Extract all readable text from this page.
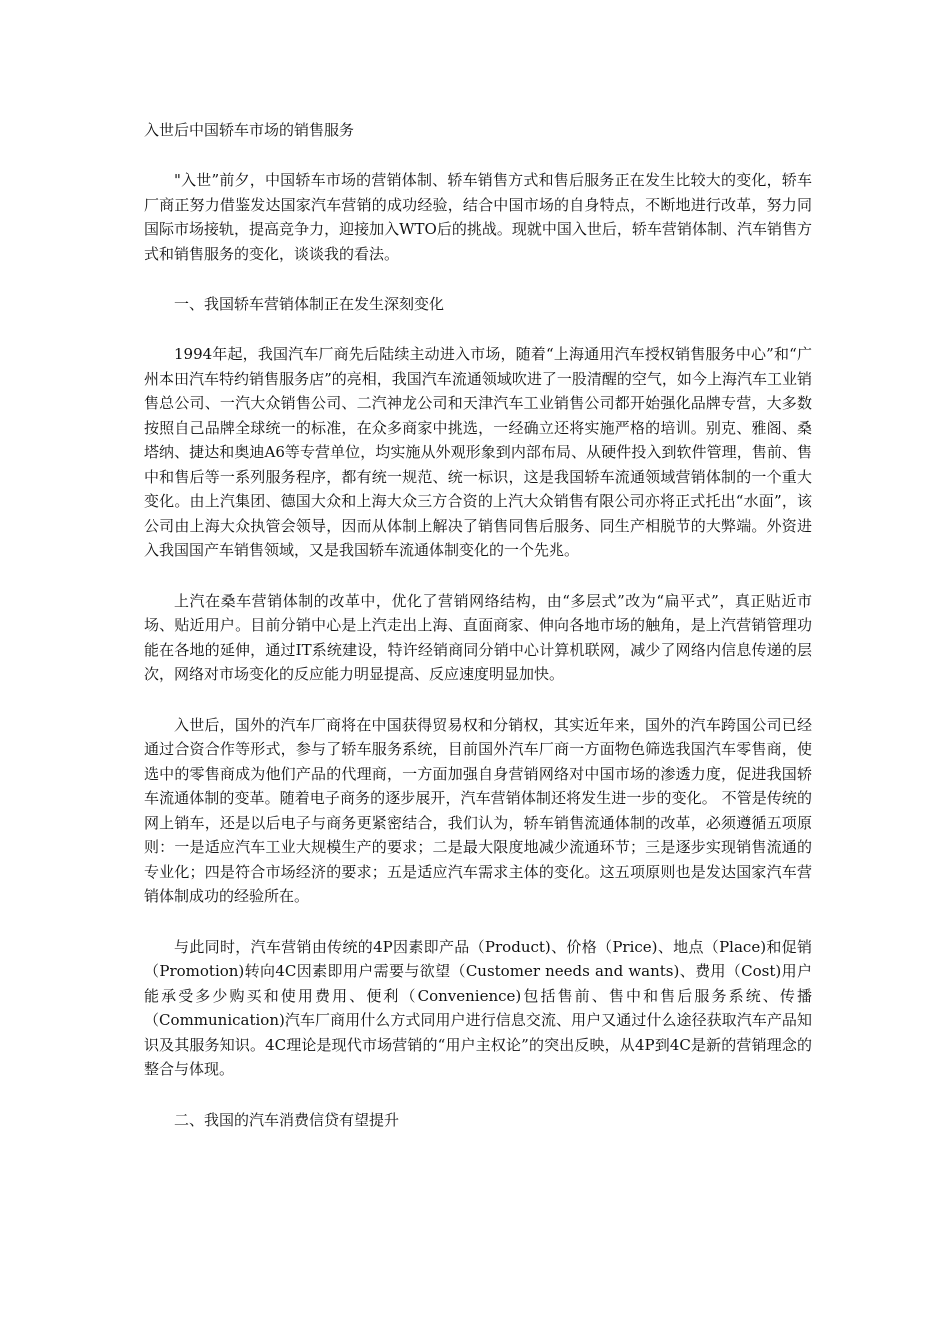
入世后中国轿车市场的销售服务

"入世”前夕，中国轿车市场的营销体制、轿车销售方式和售后服务正在发生比较大的变化，轿车厂商正努力借鉴发达国家汽车营销的成功经验，结合中国市场的自身特点，不断地进行改革，努力同国际市场接轨，提高竞争力，迎接加入WTO后的挑战。现就中国入世后，轿车营销体制、汽车销售方式和销售服务的变化，谈谈我的看法。

一、我国轿车营销体制正在发生深刻变化

1994年起，我国汽车厂商先后陆续主动进入市场，随着“上海通用汽车授权销售服务中心”和“广州本田汽车特约销售服务店”的亮相，我国汽车流通领域吹进了一股清醒的空气，如今上海汽车工业销售总公司、一汽大众销售公司、二汽神龙公司和天津汽车工业销售公司都开始强化品牌专营，大多数按照自己品牌全球统一的标准，在众多商家中挑选，一经确立还将实施严格的培训。别克、雅阁、桑塔纳、捷达和奥迪A6等专营单位，均实施从外观形象到内部布局、从硬件投入到软件管理，售前、售中和售后等一系列服务程序，都有统一规范、统一标识，这是我国轿车流通领域营销体制的一个重大变化。由上汽集团、德国大众和上海大众三方合资的上汽大众销售有限公司亦将正式托出“水面”，该公司由上海大众执管会领导，因而从体制上解决了销售同售后服务、同生产相脱节的大弊端。外资进入我国国产车销售领域，又是我国轿车流通体制变化的一个先兆。

上汽在桑车营销体制的改革中，优化了营销网络结构，由“多层式”改为“扁平式”，真正贴近市场、贴近用户。目前分销中心是上汽走出上海、直面商家、伸向各地市场的触角，是上汽营销管理功能在各地的延伸，通过IT系统建设，特许经销商同分销中心计算机联网，减少了网络内信息传递的层次，网络对市场变化的反应能力明显提高、反应速度明显加快。

入世后，国外的汽车厂商将在中国获得贸易权和分销权，其实近年来，国外的汽车跨国公司已经通过合资合作等形式，参与了轿车服务系统，目前国外汽车厂商一方面物色筛选我国汽车零售商，使选中的零售商成为他们产品的代理商，一方面加强自身营销网络对中国市场的渗透力度，促进我国轿车流通体制的变革。随着电子商务的逐步展开，汽车营销体制还将发生进一步的变化。 不管是传统的网上销车，还是以后电子与商务更紧密结合，我们认为，轿车销售流通体制的改革，必须遵循五项原则：一是适应汽车工业大规模生产的要求；二是最大限度地减少流通环节；三是逐步实现销售流通的专业化；四是符合市场经济的要求；五是适应汽车需求主体的变化。这五项原则也是发达国家汽车营销体制成功的经验所在。

与此同时，汽车营销由传统的4P因素即产品（Product)、价格（Price)、地点（Place)和促销（Promotion)转向4C因素即用户需要与欲望（Customer needs and wants)、费用（Cost)用户能承受多少购买和使用费用、便利（Convenience)包括售前、售中和售后服务系统、传播（Communication)汽车厂商用什么方式同用户进行信息交流、用户又通过什么途径获取汽车产品知识及其服务知识。4C理论是现代市场营销的“用户主权论”的突出反映，从4P到4C是新的营销理念的整合与体现。

二、我国的汽车消费信贷有望提升
